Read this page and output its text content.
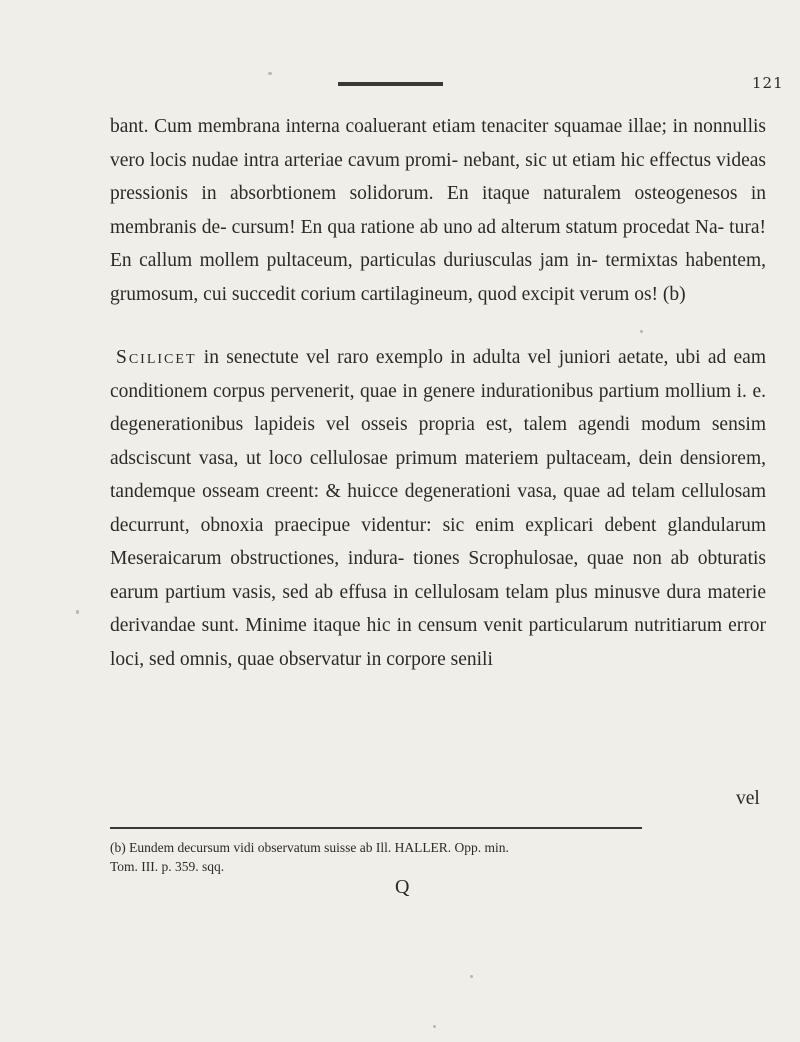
121

bant. Cum membrana interna coaluerant etiam tenaciter squamae illae; in nonnullis vero locis nudae intra arteriae cavum promi- nebant, sic ut etiam hic effectus videas pressionis in absorbtionem solidorum. En itaque naturalem osteogenesos in membranis de- cursum! En qua ratione ab uno ad alterum statum procedat Na- tura! En callum mollem pultaceum, particulas duriusculas jam in- termixtas habentem, grumosum, cui succedit corium cartilagineum, quod excipit verum os! (b)

Scilicet in senectute vel raro exemplo in adulta vel juniori aetate, ubi ad eam conditionem corpus pervenerit, quae in genere indurationibus partium mollium i. e. degenerationibus lapideis vel osseis propria est, talem agendi modum sensim adsciscunt vasa, ut loco cellulosae primum materiem pultaceam, dein densiorem, tandemque osseam creent: & huicce degenerationi vasa, quae ad telam cellulosam decurrunt, obnoxia praecipue videntur: sic enim explicari debent glandularum Meseraicarum obstructiones, indura- tiones Scrophulosae, quae non ab obturatis earum partium vasis, sed ab effusa in cellulosam telam plus minusve dura materie derivandae sunt. Minime itaque hic in censum venit particularum nutritiarum error loci, sed omnis, quae observatur in corpore senili

vel

(b) Eundem decursum vidi observatum suisse ab Ill. HALLER. Opp. min.

Tom. III. p. 359. sqq.

Q
